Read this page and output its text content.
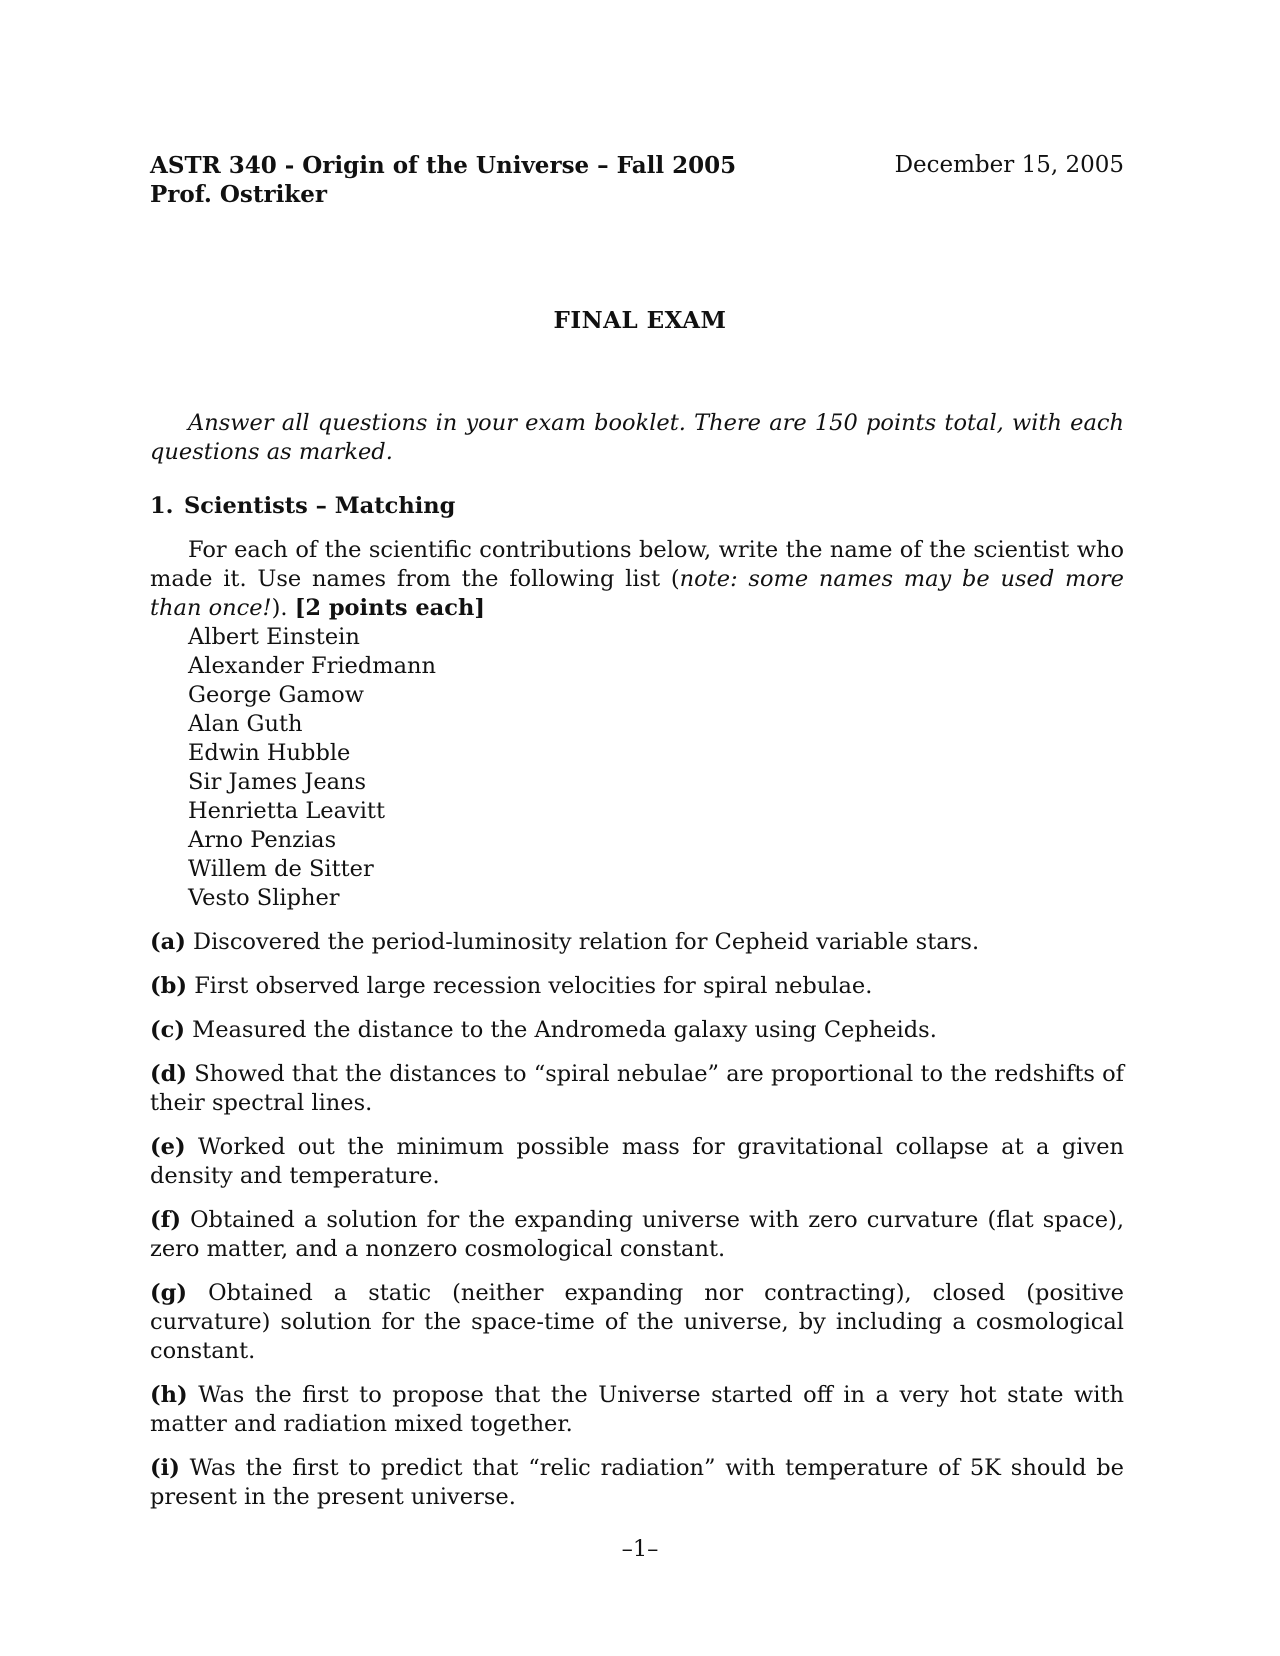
ASTR 340 - Origin of the Universe – Fall 2005
Prof. Ostriker
December 15, 2005
FINAL EXAM

Answer all questions in your exam booklet. There are 150 points total, with each questions as marked.

1. Scientists – Matching

For each of the scientific contributions below, write the name of the scientist who made it. Use names from the following list (note: some names may be used more than once!). [2 points each]

Albert Einstein
Alexander Friedmann
George Gamow
Alan Guth
Edwin Hubble
Sir James Jeans
Henrietta Leavitt
Arno Penzias
Willem de Sitter
Vesto Slipher

(a) Discovered the period-luminosity relation for Cepheid variable stars.

(b) First observed large recession velocities for spiral nebulae.

(c) Measured the distance to the Andromeda galaxy using Cepheids.

(d) Showed that the distances to “spiral nebulae” are proportional to the redshifts of their spectral lines.

(e) Worked out the minimum possible mass for gravitational collapse at a given density and temperature.

(f) Obtained a solution for the expanding universe with zero curvature (flat space), zero matter, and a nonzero cosmological constant.

(g) Obtained a static (neither expanding nor contracting), closed (positive curvature) solution for the space-time of the universe, by including a cosmological constant.

(h) Was the first to propose that the Universe started off in a very hot state with matter and radiation mixed together.

(i) Was the first to predict that “relic radiation” with temperature of 5K should be present in the present universe.

–1–
